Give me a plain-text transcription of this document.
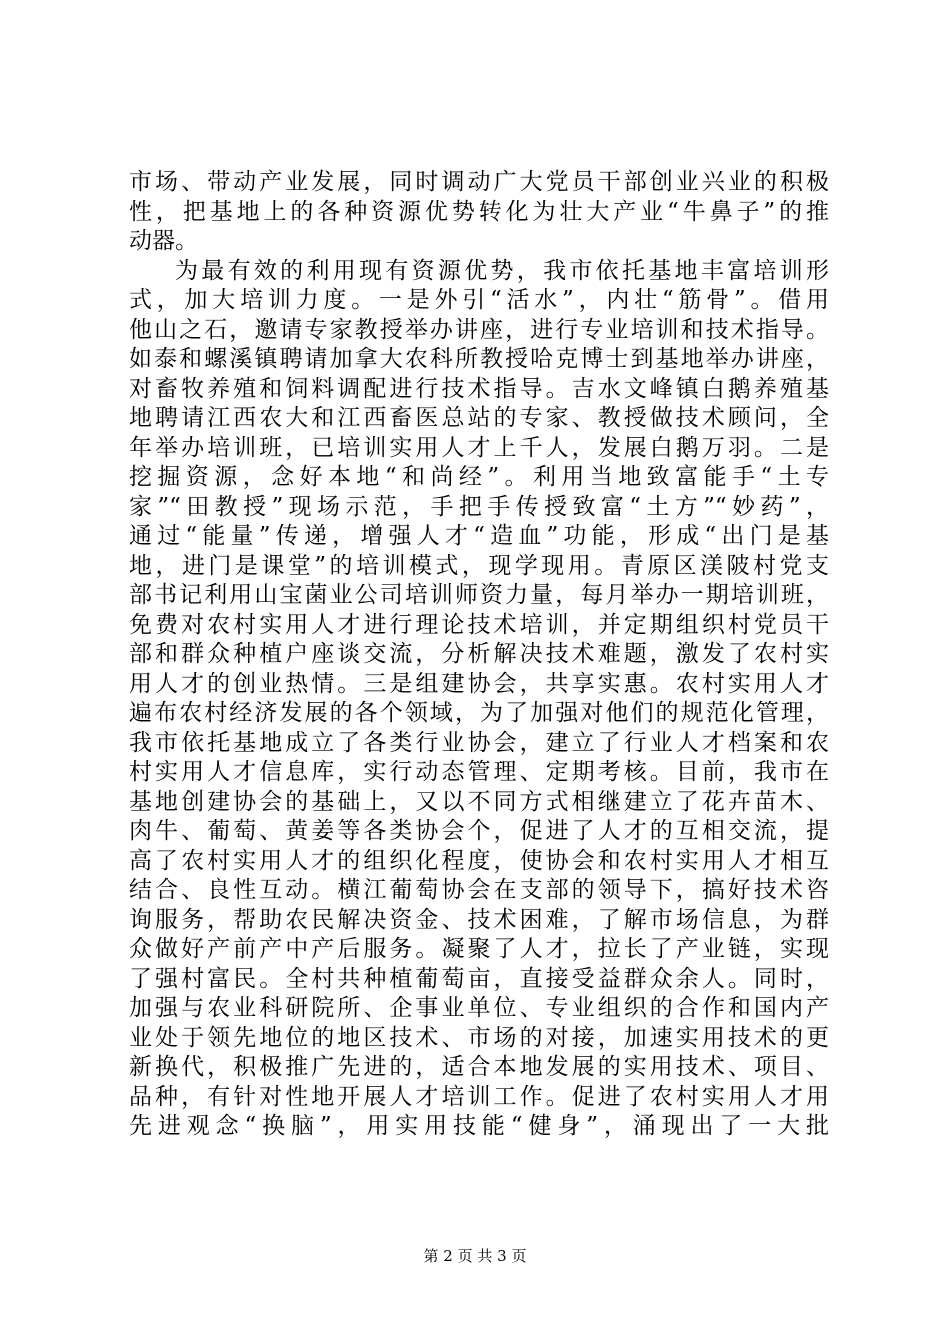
市场、带动产业发展，同时调动广大党员干部创业兴业的积极
性，把基地上的各种资源优势转化为壮大产业“牛鼻子”的推
动器。
为最有效的利用现有资源优势，我市依托基地丰富培训形
式，加大培训力度。一是外引“活水”，内壮“筋骨”。借用
他山之石，邀请专家教授举办讲座，进行专业培训和技术指导。
如泰和螺溪镇聘请加拿大农科所教授哈克博士到基地举办讲座，
对畜牧养殖和饲料调配进行技术指导。吉水文峰镇白鹅养殖基
地聘请江西农大和江西畜医总站的专家、教授做技术顾问，全
年举办培训班，已培训实用人才上千人，发展白鹅万羽。二是
挖掘资源，念好本地“和尚经”。利用当地致富能手“土专
家”“田教授”现场示范，手把手传授致富“土方”“妙药”，
通过“能量”传递，增强人才“造血”功能，形成“出门是基
地，进门是课堂”的培训模式，现学现用。青原区渼陂村党支
部书记利用山宝菌业公司培训师资力量，每月举办一期培训班，
免费对农村实用人才进行理论技术培训，并定期组织村党员干
部和群众种植户座谈交流，分析解决技术难题，激发了农村实
用人才的创业热情。三是组建协会，共享实惠。农村实用人才
遍布农村经济发展的各个领域，为了加强对他们的规范化管理，
我市依托基地成立了各类行业协会，建立了行业人才档案和农
村实用人才信息库，实行动态管理、定期考核。目前，我市在
基地创建协会的基础上，又以不同方式相继建立了花卉苗木、
肉牛、葡萄、黄姜等各类协会个，促进了人才的互相交流，提
高了农村实用人才的组织化程度，使协会和农村实用人才相互
结合、良性互动。横江葡萄协会在支部的领导下，搞好技术咨
询服务，帮助农民解决资金、技术困难，了解市场信息，为群
众做好产前产中产后服务。凝聚了人才，拉长了产业链，实现
了强村富民。全村共种植葡萄亩，直接受益群众余人。同时，
加强与农业科研院所、企事业单位、专业组织的合作和国内产
业处于领先地位的地区技术、市场的对接，加速实用技术的更
新换代，积极推广先进的，适合本地发展的实用技术、项目、
品种，有针对性地开展人才培训工作。促进了农村实用人才用
先进观念“换脑”，用实用技能“健身”，涌现出了一大批
第 2 页 共 3 页
